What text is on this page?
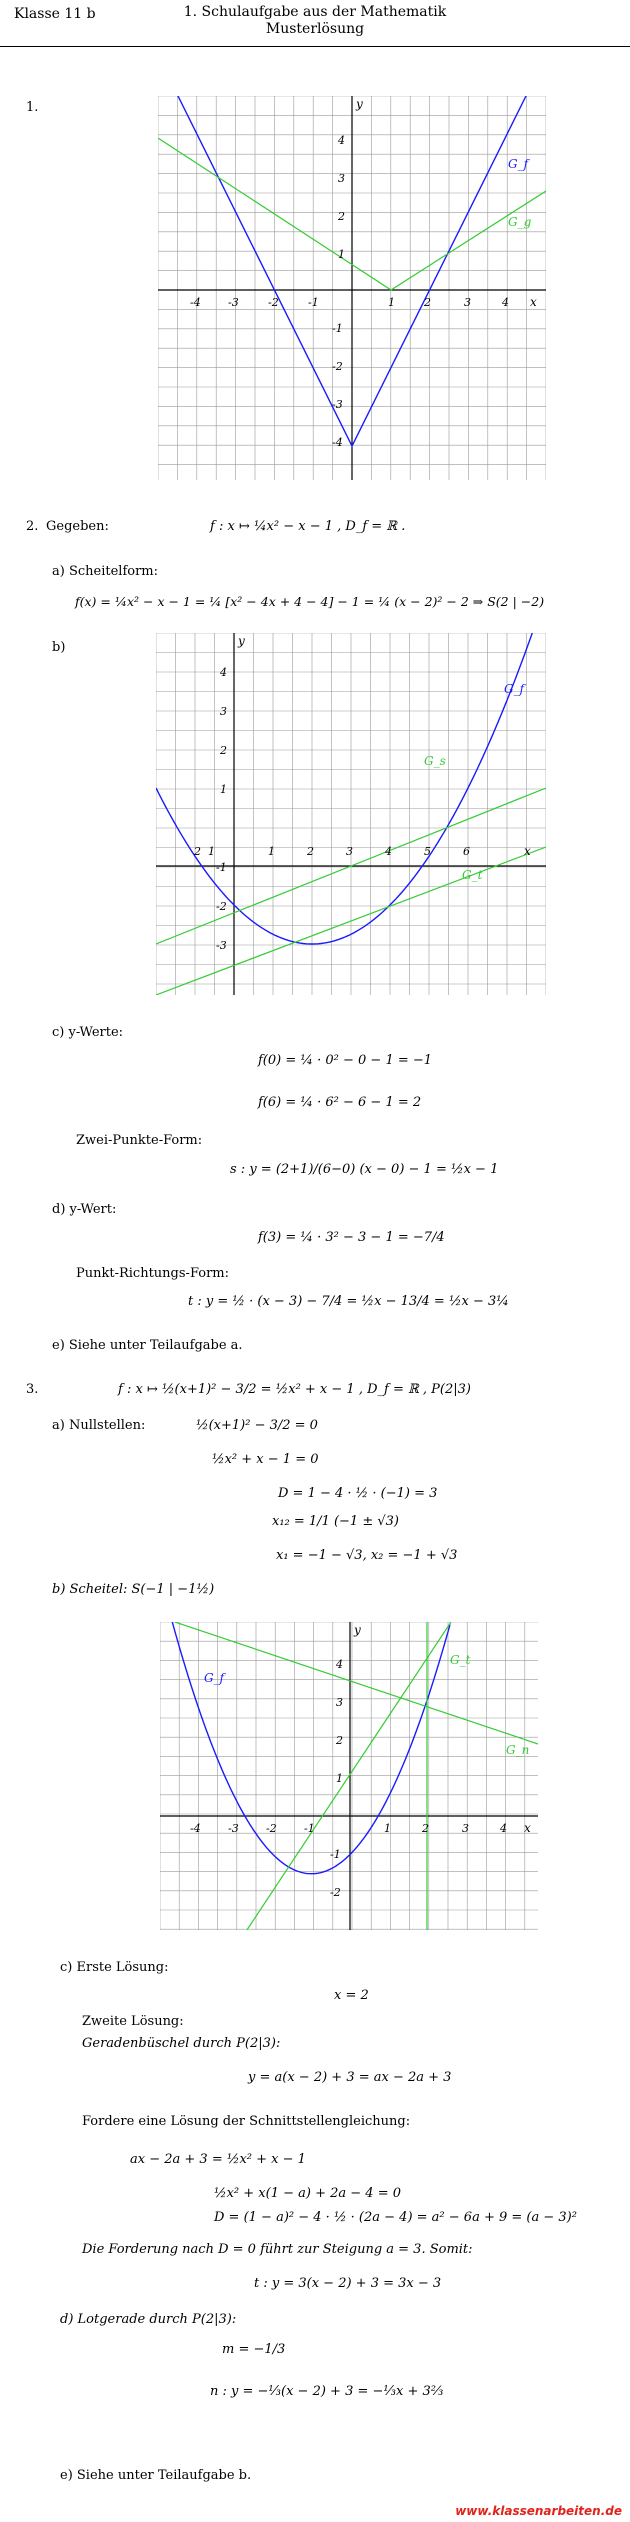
Klasse 11 b	1. Schulaufgabe aus der Mathematik
Musterlösung
1.
-4 -3	-2	-1	1	2	3	4
4
3
2
1
-1
-2
-3
-4
y
x
G_f
G_g
2. Gegeben:	f : x ↦ ¼x² − x − 1 , D_f = ℝ .
a) Scheitelform:
f(x) = ¼x² − x − 1 = ¼ [x² − 4x + 4 − 4] − 1 = ¼ (x − 2)² − 2 ⇒ S(2 | −2)
b)
2 1	1	2	3	4	5	6
4
3
2
1
-1
-2
-3
y
x
G_f
G_s
G_t
c) y-Werte:
f(0) = ¼ · 0² − 0 − 1 = −1
f(6) = ¼ · 6² − 6 − 1 = 2
Zwei-Punkte-Form:
s : y = (2+1)/(6−0) (x − 0) − 1 = ½x − 1
d) y-Wert:
f(3) = ¼ · 3² − 3 − 1 = −7/4
Punkt-Richtungs-Form:
t : y = ½ · (x − 3) − 7/4 = ½x − 13/4 = ½x − 3¼
e) Siehe unter Teilaufgabe a.
3.	f : x ↦ ½(x+1)² − 3/2 = ½x² + x − 1 , D_f = ℝ , P(2|3)
a) Nullstellen:	½(x+1)² − 3/2 = 0
½x² + x − 1 = 0
D = 1 − 4 · ½ · (−1) = 3
x₁₂ = 1/1 (−1 ± √3)
x₁ = −1 − √3, x₂ = −1 + √3
b) Scheitel: S(−1 | −1½)
-4 -3 -2 -1	1	2	3	4
4
3
2
1
-1
-2
y
x
G_f
G_t
G_n
c) Erste Lösung:
x = 2
Zweite Lösung:
Geradenbüschel durch P(2|3):
y = a(x − 2) + 3 = ax − 2a + 3
Fordere eine Lösung der Schnittstellengleichung:
ax − 2a + 3 = ½x² + x − 1
½x² + x(1 − a) + 2a − 4 = 0
D = (1 − a)² − 4 · ½ · (2a − 4) = a² − 6a + 9 = (a − 3)²
Die Forderung nach D = 0 führt zur Steigung a = 3. Somit:
t : y = 3(x − 2) + 3 = 3x − 3
d) Lotgerade durch P(2|3):
m = −1/3
n : y = −⅓(x − 2) + 3 = −⅓x + 3⅔
e) Siehe unter Teilaufgabe b.
www.klassenarbeiten.de
